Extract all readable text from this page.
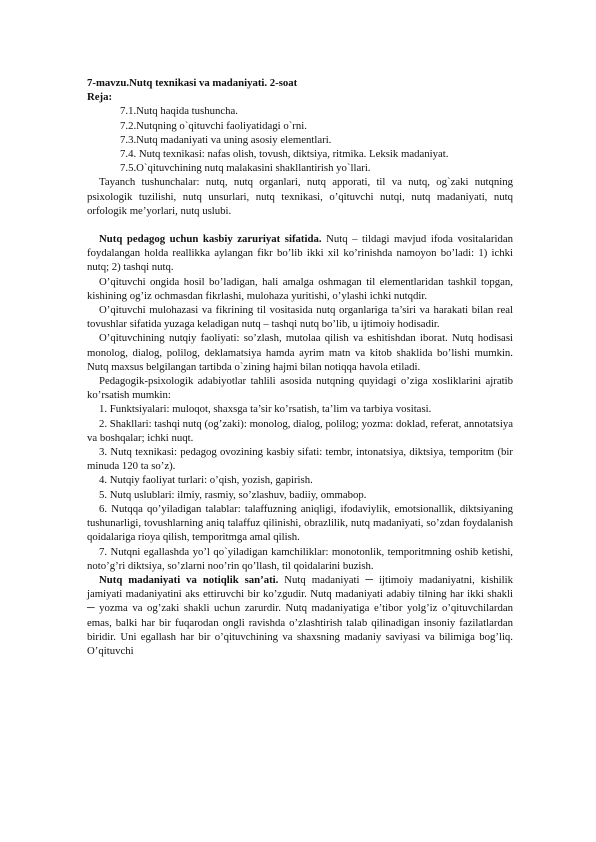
7-mavzu.Nutq texnikasi va madaniyati. 2-soat
Reja:
7.1.Nutq haqida tushuncha.
7.2.Nutqning o`qituvchi faoliyatidagi o`rni.
7.3.Nutq madaniyati va uning asosiy elementlari.
7.4. Nutq texnikasi: nafas olish, tovush, diktsiya, ritmika. Leksik madaniyat.
7.5.O`qituvchining nutq malakasini shakllantirish yo`llari.

Tayanch tushunchalar: nutq, nutq organlari, nutq apporati, til va nutq, og`zaki nutqning psixologik tuzilishi, nutq unsurlari, nutq texnikasi, o’qituvchi nutqi, nutq madaniyati, nutq orfologik me’yorlari, nutq uslubi.

Nutq pedagog uchun kasbiy zaruriyat sifatida. Nutq – tildagi mavjud ifoda vositalaridan foydalangan holda reallikka aylangan fikr bo’lib ikki xil ko’rinishda namoyon bo’ladi: 1) ichki nutq; 2) tashqi nutq.

O’qituvchi ongida hosil bo’ladigan, hali amalga oshmagan til elementlaridan tashkil topgan, kishining og’iz ochmasdan fikrlashi, mulohaza yuritishi, o’ylashi ichki nutqdir.

O’qituvchi mulohazasi va fikrining til vositasida nutq organlariga ta’siri va harakati bilan real tovushlar sifatida yuzaga keladigan nutq – tashqi nutq bo’lib, u ijtimoiy hodisadir.

O’qituvchining nutqiy faoliyati: so’zlash, mutolaa qilish va eshitishdan iborat. Nutq hodisasi monolog, dialog, polilog, deklamatsiya hamda ayrim matn va kitob shaklida bo’lishi mumkin. Nutq maxsus belgilangan tartibda o`zining hajmi bilan notiqqa havola etiladi.

Pedagogik-psixologik adabiyotlar tahlili asosida nutqning quyidagi o’ziga xosliklarini ajratib ko’rsatish mumkin:

1. Funktsiyalari: muloqot, shaxsga ta’sir ko’rsatish, ta’lim va tarbiya vositasi.

2. Shakllari: tashqi nutq (og’zaki): monolog, dialog, polilog; yozma: doklad, referat, annotatsiya va boshqalar; ichki nuqt.

3. Nutq texnikasi: pedagog ovozining kasbiy sifati: tembr, intonatsiya, diktsiya, temporitm (bir minuda 120 ta so’z).

4. Nutqiy faoliyat turlari: o’qish, yozish, gapirish.

5. Nutq uslublari: ilmiy, rasmiy, so’zlashuv, badiiy, ommabop.

6. Nutqqa qo’yiladigan talablar: talaffuzning aniqligi, ifodaviylik, emotsionallik, diktsiyaning tushunarligi, tovushlarning aniq talaffuz qilinishi, obrazlilik, nutq madaniyati, so’zdan foydalanish qoidalariga rioya qilish, temporitmga amal qilish.

7. Nutqni egallashda yo’l qo`yiladigan kamchiliklar: monotonlik, temporitmning oshib ketishi, noto’g’ri diktsiya, so’zlarni noo’rin qo’llash, til qoidalarini buzish.

Nutq madaniyati va notiqlik san’ati. Nutq madaniyati ─ ijtimoiy madaniyatni, kishilik jamiyati madaniyatini aks ettiruvchi bir ko’zgudir. Nutq madaniyati adabiy tilning har ikki shakli ─ yozma va og’zaki shakli uchun zarurdir. Nutq madaniyatiga e’tibor yolg’iz o’qituvchilardan emas, balki har bir fuqarodan ongli ravishda o’zlashtirish talab qilinadigan insoniy fazilatlardan biridir. Uni egallash har bir o’qituvchining va shaxsning madaniy saviyasi va bilimiga bog’liq. O’qituvchi
